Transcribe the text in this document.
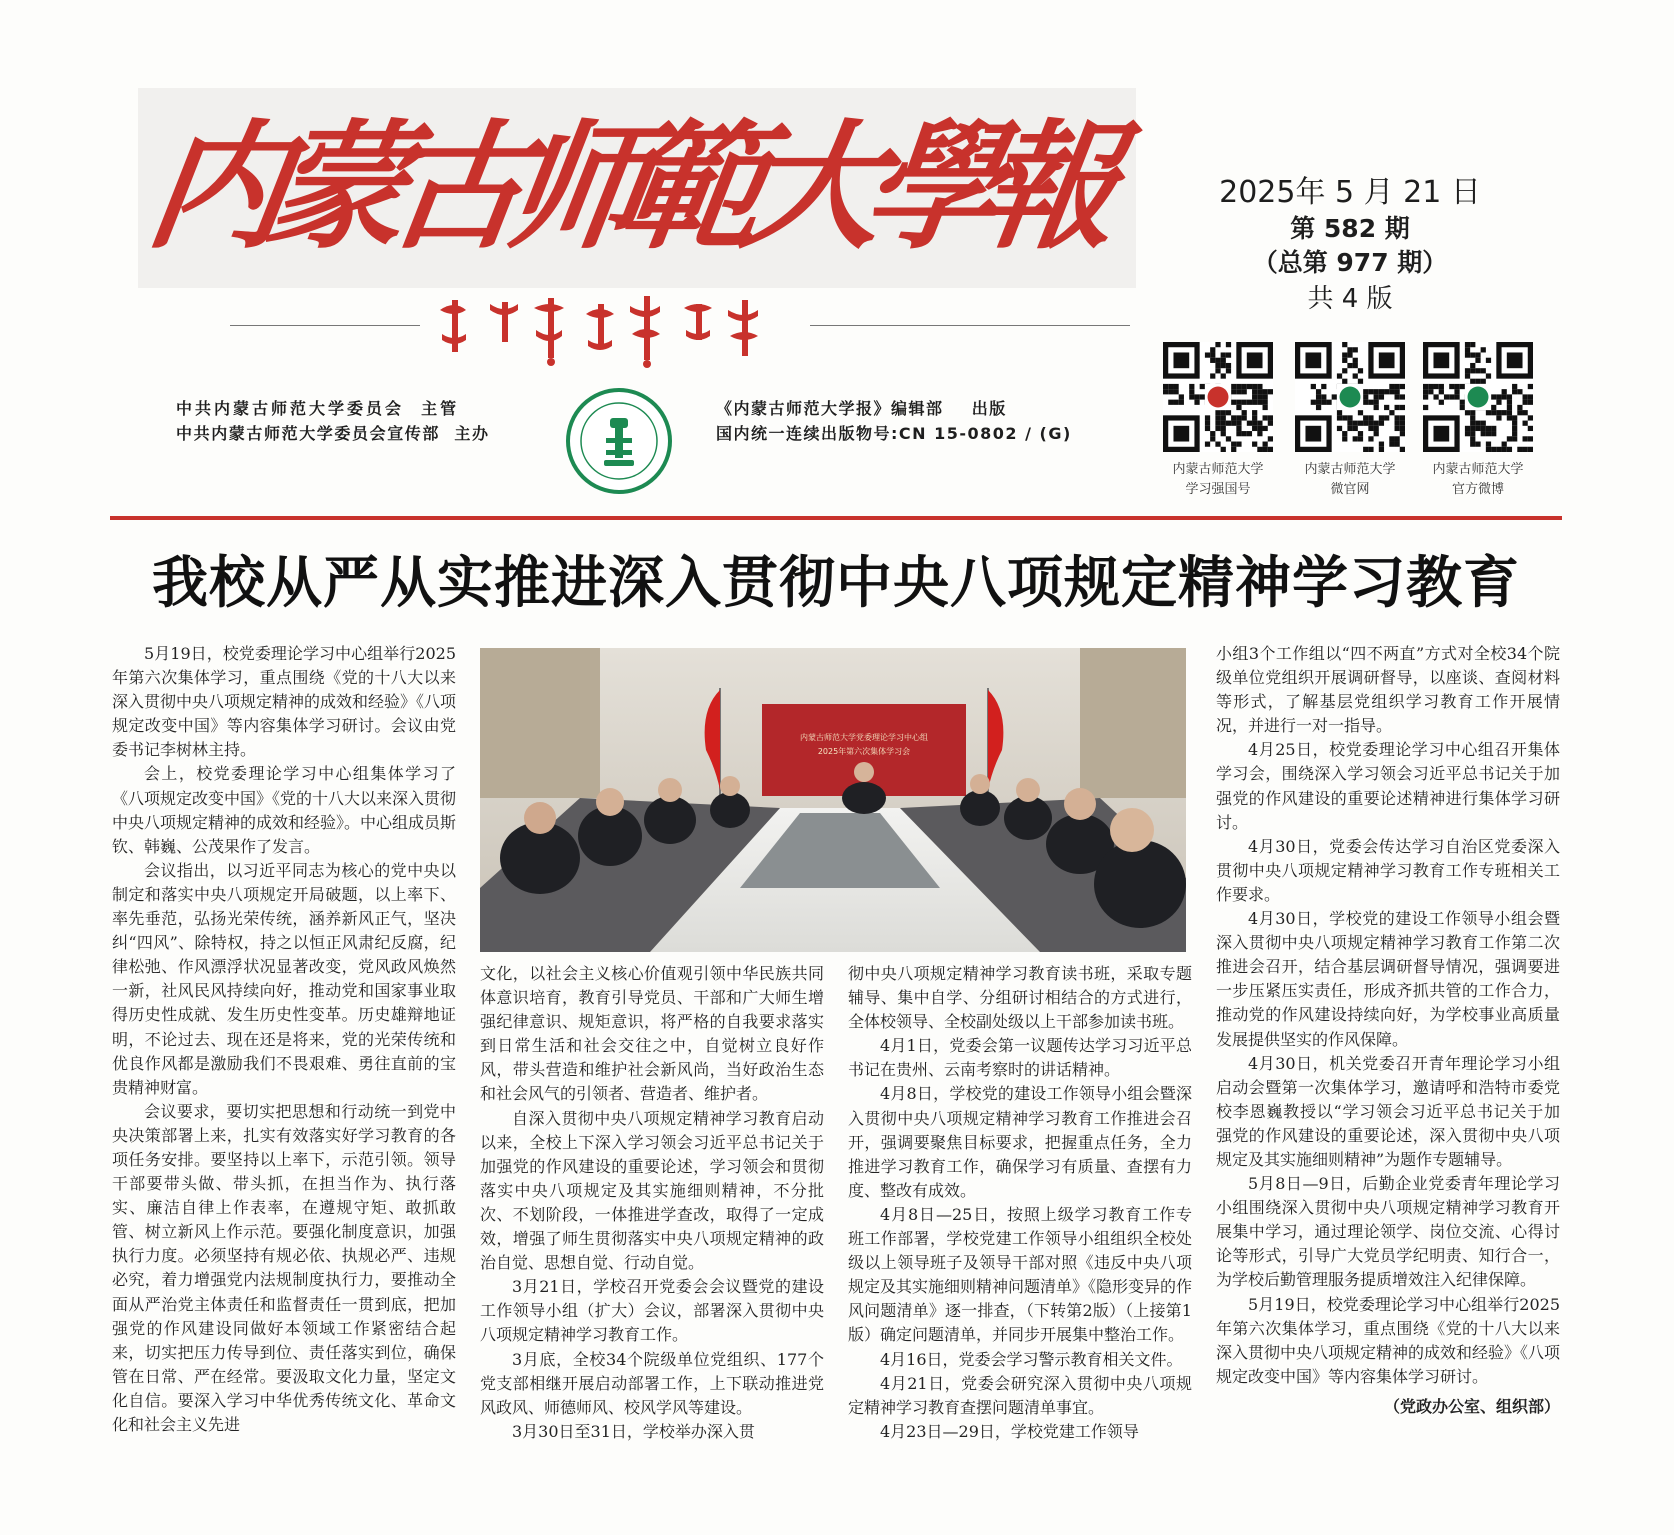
内
蒙
古
师
範
大
學
報
中共内蒙古师范大学委员会 主管
中共内蒙古师范大学委员会宣传部 主办
《内蒙古师范大学报》编辑部 出版
国内统一连续出版物号:CN 15-0802 / (G)
2025年 5 月 21 日
第 582 期
（总第 977 期）
共 4 版
内蒙古师范大学
学习强国号
内蒙古师范大学
微官网
内蒙古师范大学
官方微博
我校从严从实推进深入贯彻中央八项规定精神学习教育

5月19日，校党委理论学习中心组举行2025年第六次集体学习，重点围绕《党的十八大以来深入贯彻中央八项规定精神的成效和经验》《八项规定改变中国》等内容集体学习研讨。会议由党委书记李树林主持。

会上，校党委理论学习中心组集体学习了《八项规定改变中国》《党的十八大以来深入贯彻中央八项规定精神的成效和经验》。中心组成员斯钦、韩巍、公茂果作了发言。

会议指出，以习近平同志为核心的党中央以制定和落实中央八项规定开局破题，以上率下、率先垂范，弘扬光荣传统，涵养新风正气，坚决纠“四风”、除特权，持之以恒正风肃纪反腐，纪律松弛、作风漂浮状况显著改变，党风政风焕然一新，社风民风持续向好，推动党和国家事业取得历史性成就、发生历史性变革。历史雄辩地证明，不论过去、现在还是将来，党的光荣传统和优良作风都是激励我们不畏艰难、勇往直前的宝贵精神财富。

会议要求，要切实把思想和行动统一到党中央决策部署上来，扎实有效落实好学习教育的各项任务安排。要坚持以上率下，示范引领。领导干部要带头做、带头抓，在担当作为、执行落实、廉洁自律上作表率，在遵规守矩、敢抓敢管、树立新风上作示范。要强化制度意识，加强执行力度。必须坚持有规必依、执规必严、违规必究，着力增强党内法规制度执行力，要推动全面从严治党主体责任和监督责任一贯到底，把加强党的作风建设同做好本领域工作紧密结合起来，切实把压力传导到位、责任落实到位，确保管在日常、严在经常。要汲取文化力量，坚定文化自信。要深入学习中华优秀传统文化、革命文化和社会主义先进

内蒙古师范大学党委理论学习中心组
2025年第六次集体学习会

文化，以社会主义核心价值观引领中华民族共同体意识培育，教育引导党员、干部和广大师生增强纪律意识、规矩意识，将严格的自我要求落实到日常生活和社会交往之中，自觉树立良好作风，带头营造和维护社会新风尚，当好政治生态和社会风气的引领者、营造者、维护者。

自深入贯彻中央八项规定精神学习教育启动以来，全校上下深入学习领会习近平总书记关于加强党的作风建设的重要论述，学习领会和贯彻落实中央八项规定及其实施细则精神，不分批次、不划阶段，一体推进学查改，取得了一定成效，增强了师生贯彻落实中央八项规定精神的政治自觉、思想自觉、行动自觉。

3月21日，学校召开党委会会议暨党的建设工作领导小组（扩大）会议，部署深入贯彻中央八项规定精神学习教育工作。

3月底，全校34个院级单位党组织、177个党支部相继开展启动部署工作，上下联动推进党风政风、师德师风、校风学风等建设。

3月30日至31日，学校举办深入贯

彻中央八项规定精神学习教育读书班，采取专题辅导、集中自学、分组研讨相结合的方式进行，全体校领导、全校副处级以上干部参加读书班。

4月1日，党委会第一议题传达学习习近平总书记在贵州、云南考察时的讲话精神。

4月8日，学校党的建设工作领导小组会暨深入贯彻中央八项规定精神学习教育工作推进会召开，强调要聚焦目标要求，把握重点任务，全力推进学习教育工作，确保学习有质量、查摆有力度、整改有成效。

4月8日—25日，按照上级学习教育工作专班工作部署，学校党建工作领导小组组织全校处级以上领导班子及领导干部对照《违反中央八项规定及其实施细则精神问题清单》《隐形变异的作风问题清单》逐一排查，（下转第2版）（上接第1版）确定问题清单，并同步开展集中整治工作。

4月16日，党委会学习警示教育相关文件。

4月21日，党委会研究深入贯彻中央八项规定精神学习教育查摆问题清单事宜。

4月23日—29日，学校党建工作领导

小组3个工作组以“四不两直”方式对全校34个院级单位党组织开展调研督导，以座谈、查阅材料等形式，了解基层党组织学习教育工作开展情况，并进行一对一指导。

4月25日，校党委理论学习中心组召开集体学习会，围绕深入学习领会习近平总书记关于加强党的作风建设的重要论述精神进行集体学习研讨。

4月30日，党委会传达学习自治区党委深入贯彻中央八项规定精神学习教育工作专班相关工作要求。

4月30日，学校党的建设工作领导小组会暨深入贯彻中央八项规定精神学习教育工作第二次推进会召开，结合基层调研督导情况，强调要进一步压紧压实责任，形成齐抓共管的工作合力，推动党的作风建设持续向好，为学校事业高质量发展提供坚实的作风保障。

4月30日，机关党委召开青年理论学习小组启动会暨第一次集体学习，邀请呼和浩特市委党校李恩巍教授以“学习领会习近平总书记关于加强党的作风建设的重要论述，深入贯彻中央八项规定及其实施细则精神”为题作专题辅导。

5月8日—9日，后勤企业党委青年理论学习小组围绕深入贯彻中央八项规定精神学习教育开展集中学习，通过理论领学、岗位交流、心得讨论等形式，引导广大党员学纪明责、知行合一，为学校后勤管理服务提质增效注入纪律保障。

5月19日，校党委理论学习中心组举行2025年第六次集体学习，重点围绕《党的十八大以来深入贯彻中央八项规定精神的成效和经验》《八项规定改变中国》等内容集体学习研讨。

（党政办公室、组织部）
